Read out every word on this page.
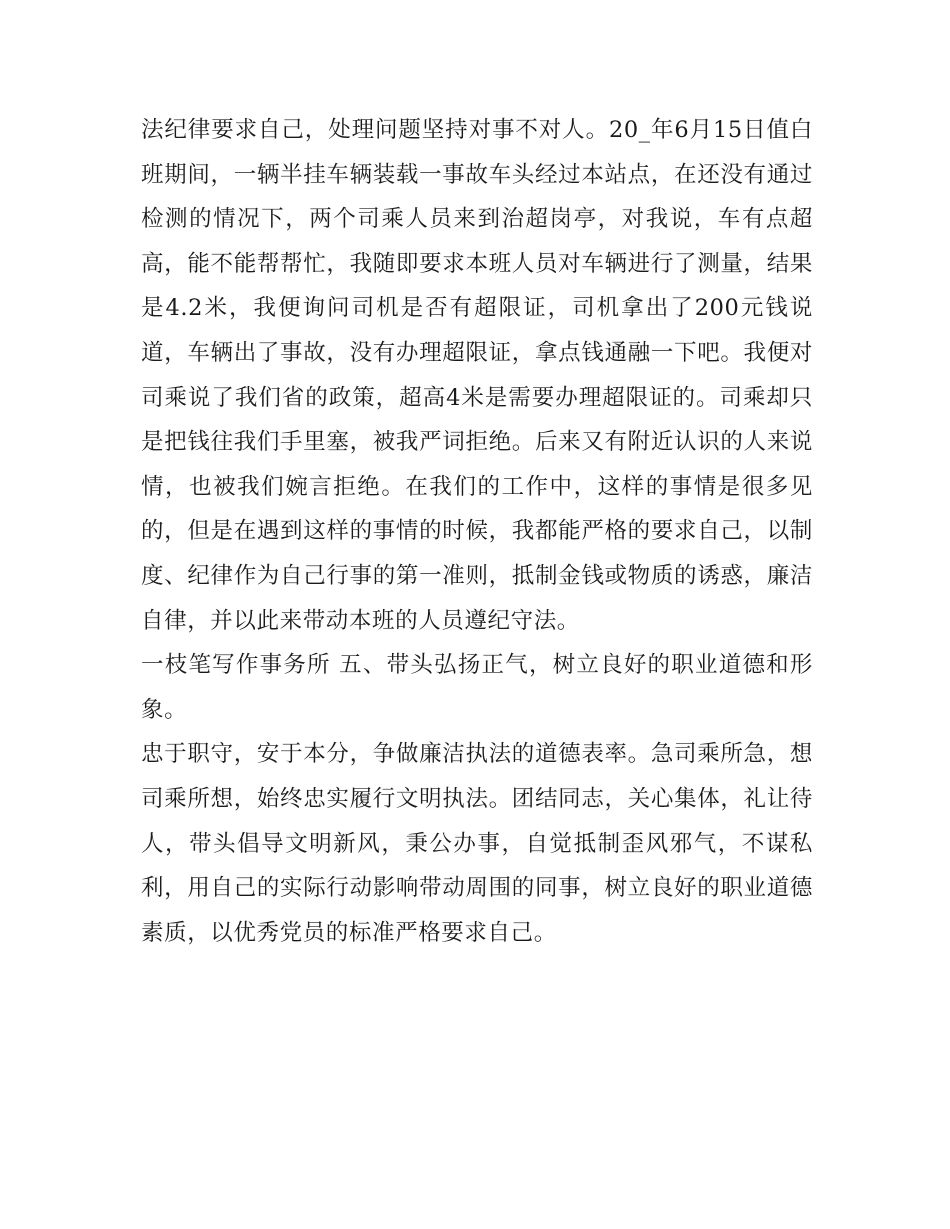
法纪律要求自己，处理问题坚持对事不对人。20_年6月15日值白班期间，一辆半挂车辆装载一事故车头经过本站点，在还没有通过检测的情况下，两个司乘人员来到治超岗亭，对我说，车有点超高，能不能帮帮忙，我随即要求本班人员对车辆进行了测量，结果是4.2米，我便询问司机是否有超限证，司机拿出了200元钱说道，车辆出了事故，没有办理超限证，拿点钱通融一下吧。我便对司乘说了我们省的政策，超高4米是需要办理超限证的。司乘却只是把钱往我们手里塞，被我严词拒绝。后来又有附近认识的人来说情，也被我们婉言拒绝。在我们的工作中，这样的事情是很多见的，但是在遇到这样的事情的时候，我都能严格的要求自己，以制度、纪律作为自己行事的第一准则，抵制金钱或物质的诱惑，廉洁自律，并以此来带动本班的人员遵纪守法。

一枝笔写作事务所 五、带头弘扬正气，树立良好的职业道德和形象。

忠于职守，安于本分，争做廉洁执法的道德表率。急司乘所急，想司乘所想，始终忠实履行文明执法。团结同志，关心集体，礼让待人，带头倡导文明新风，秉公办事，自觉抵制歪风邪气，不谋私利，用自己的实际行动影响带动周围的同事，树立良好的职业道德素质，以优秀党员的标准严格要求自己。
